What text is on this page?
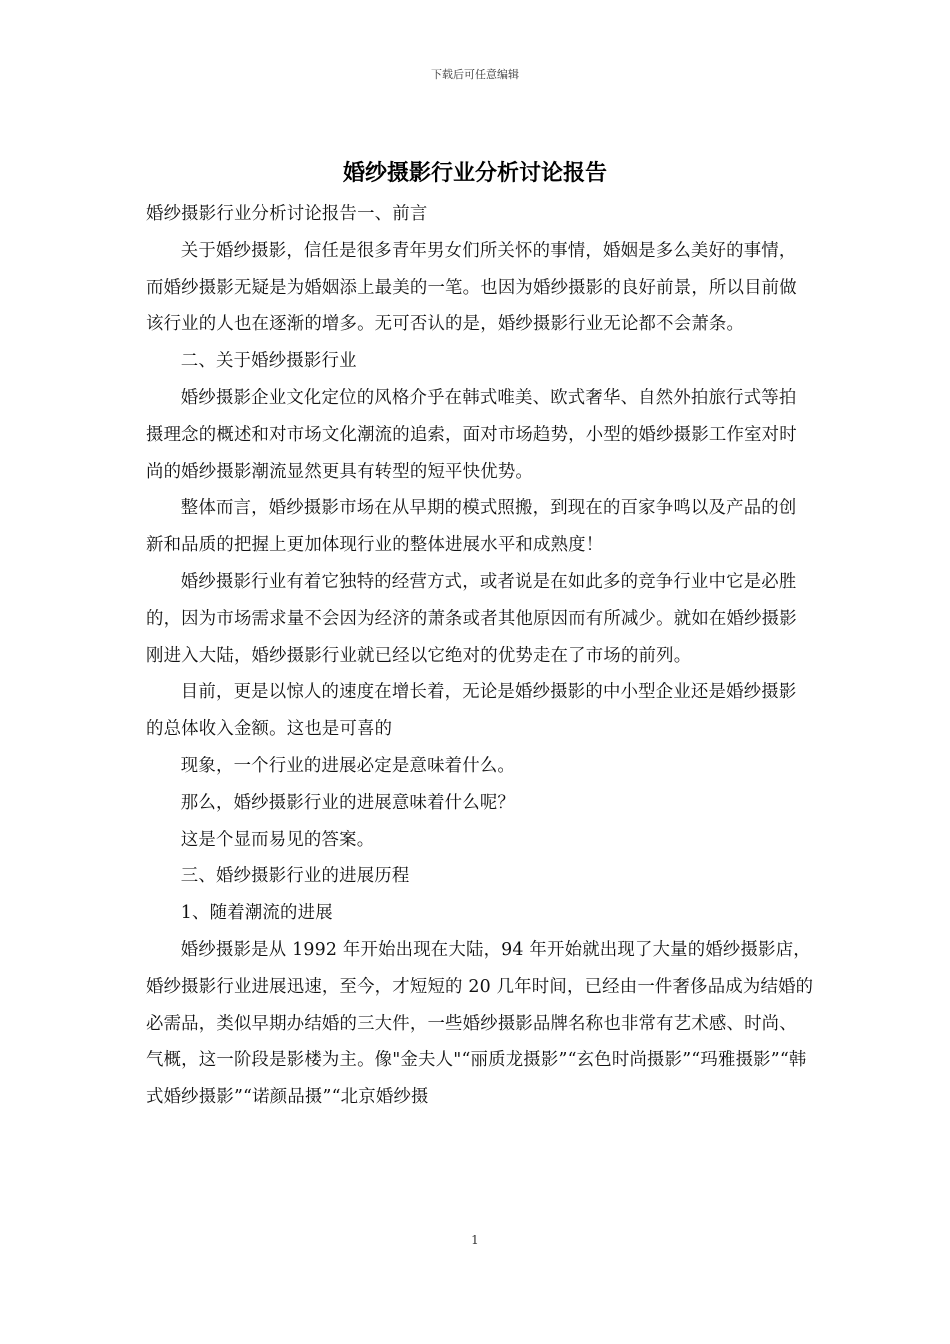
下载后可任意编辑
婚纱摄影行业分析讨论报告

婚纱摄影行业分析讨论报告一、前言

关于婚纱摄影，信任是很多青年男女们所关怀的事情，婚姻是多么美好的事情，而婚纱摄影无疑是为婚姻添上最美的一笔。也因为婚纱摄影的良好前景，所以目前做该行业的人也在逐渐的增多。无可否认的是，婚纱摄影行业无论都不会萧条。

二、关于婚纱摄影行业

婚纱摄影企业文化定位的风格介乎在韩式唯美、欧式奢华、自然外拍旅行式等拍摄理念的概述和对市场文化潮流的追索，面对市场趋势，小型的婚纱摄影工作室对时尚的婚纱摄影潮流显然更具有转型的短平快优势。

整体而言，婚纱摄影市场在从早期的模式照搬，到现在的百家争鸣以及产品的创新和品质的把握上更加体现行业的整体进展水平和成熟度！

婚纱摄影行业有着它独特的经营方式，或者说是在如此多的竞争行业中它是必胜的，因为市场需求量不会因为经济的萧条或者其他原因而有所减少。就如在婚纱摄影刚进入大陆，婚纱摄影行业就已经以它绝对的优势走在了市场的前列。

目前，更是以惊人的速度在增长着，无论是婚纱摄影的中小型企业还是婚纱摄影的总体收入金额。这也是可喜的

现象，一个行业的进展必定是意味着什么。

那么，婚纱摄影行业的进展意味着什么呢？

这是个显而易见的答案。

三、婚纱摄影行业的进展历程

1、随着潮流的进展

婚纱摄影是从 1992 年开始出现在大陆，94 年开始就出现了大量的婚纱摄影店，婚纱摄影行业进展迅速，至今，才短短的 20 几年时间，已经由一件奢侈品成为结婚的必需品，类似早期办结婚的三大件，一些婚纱摄影品牌名称也非常有艺术感、时尚、气概，这一阶段是影楼为主。像"金夫人"“丽质龙摄影”“玄色时尚摄影”“玛雅摄影”“韩式婚纱摄影”“诺颜品摄”“北京婚纱摄

1
